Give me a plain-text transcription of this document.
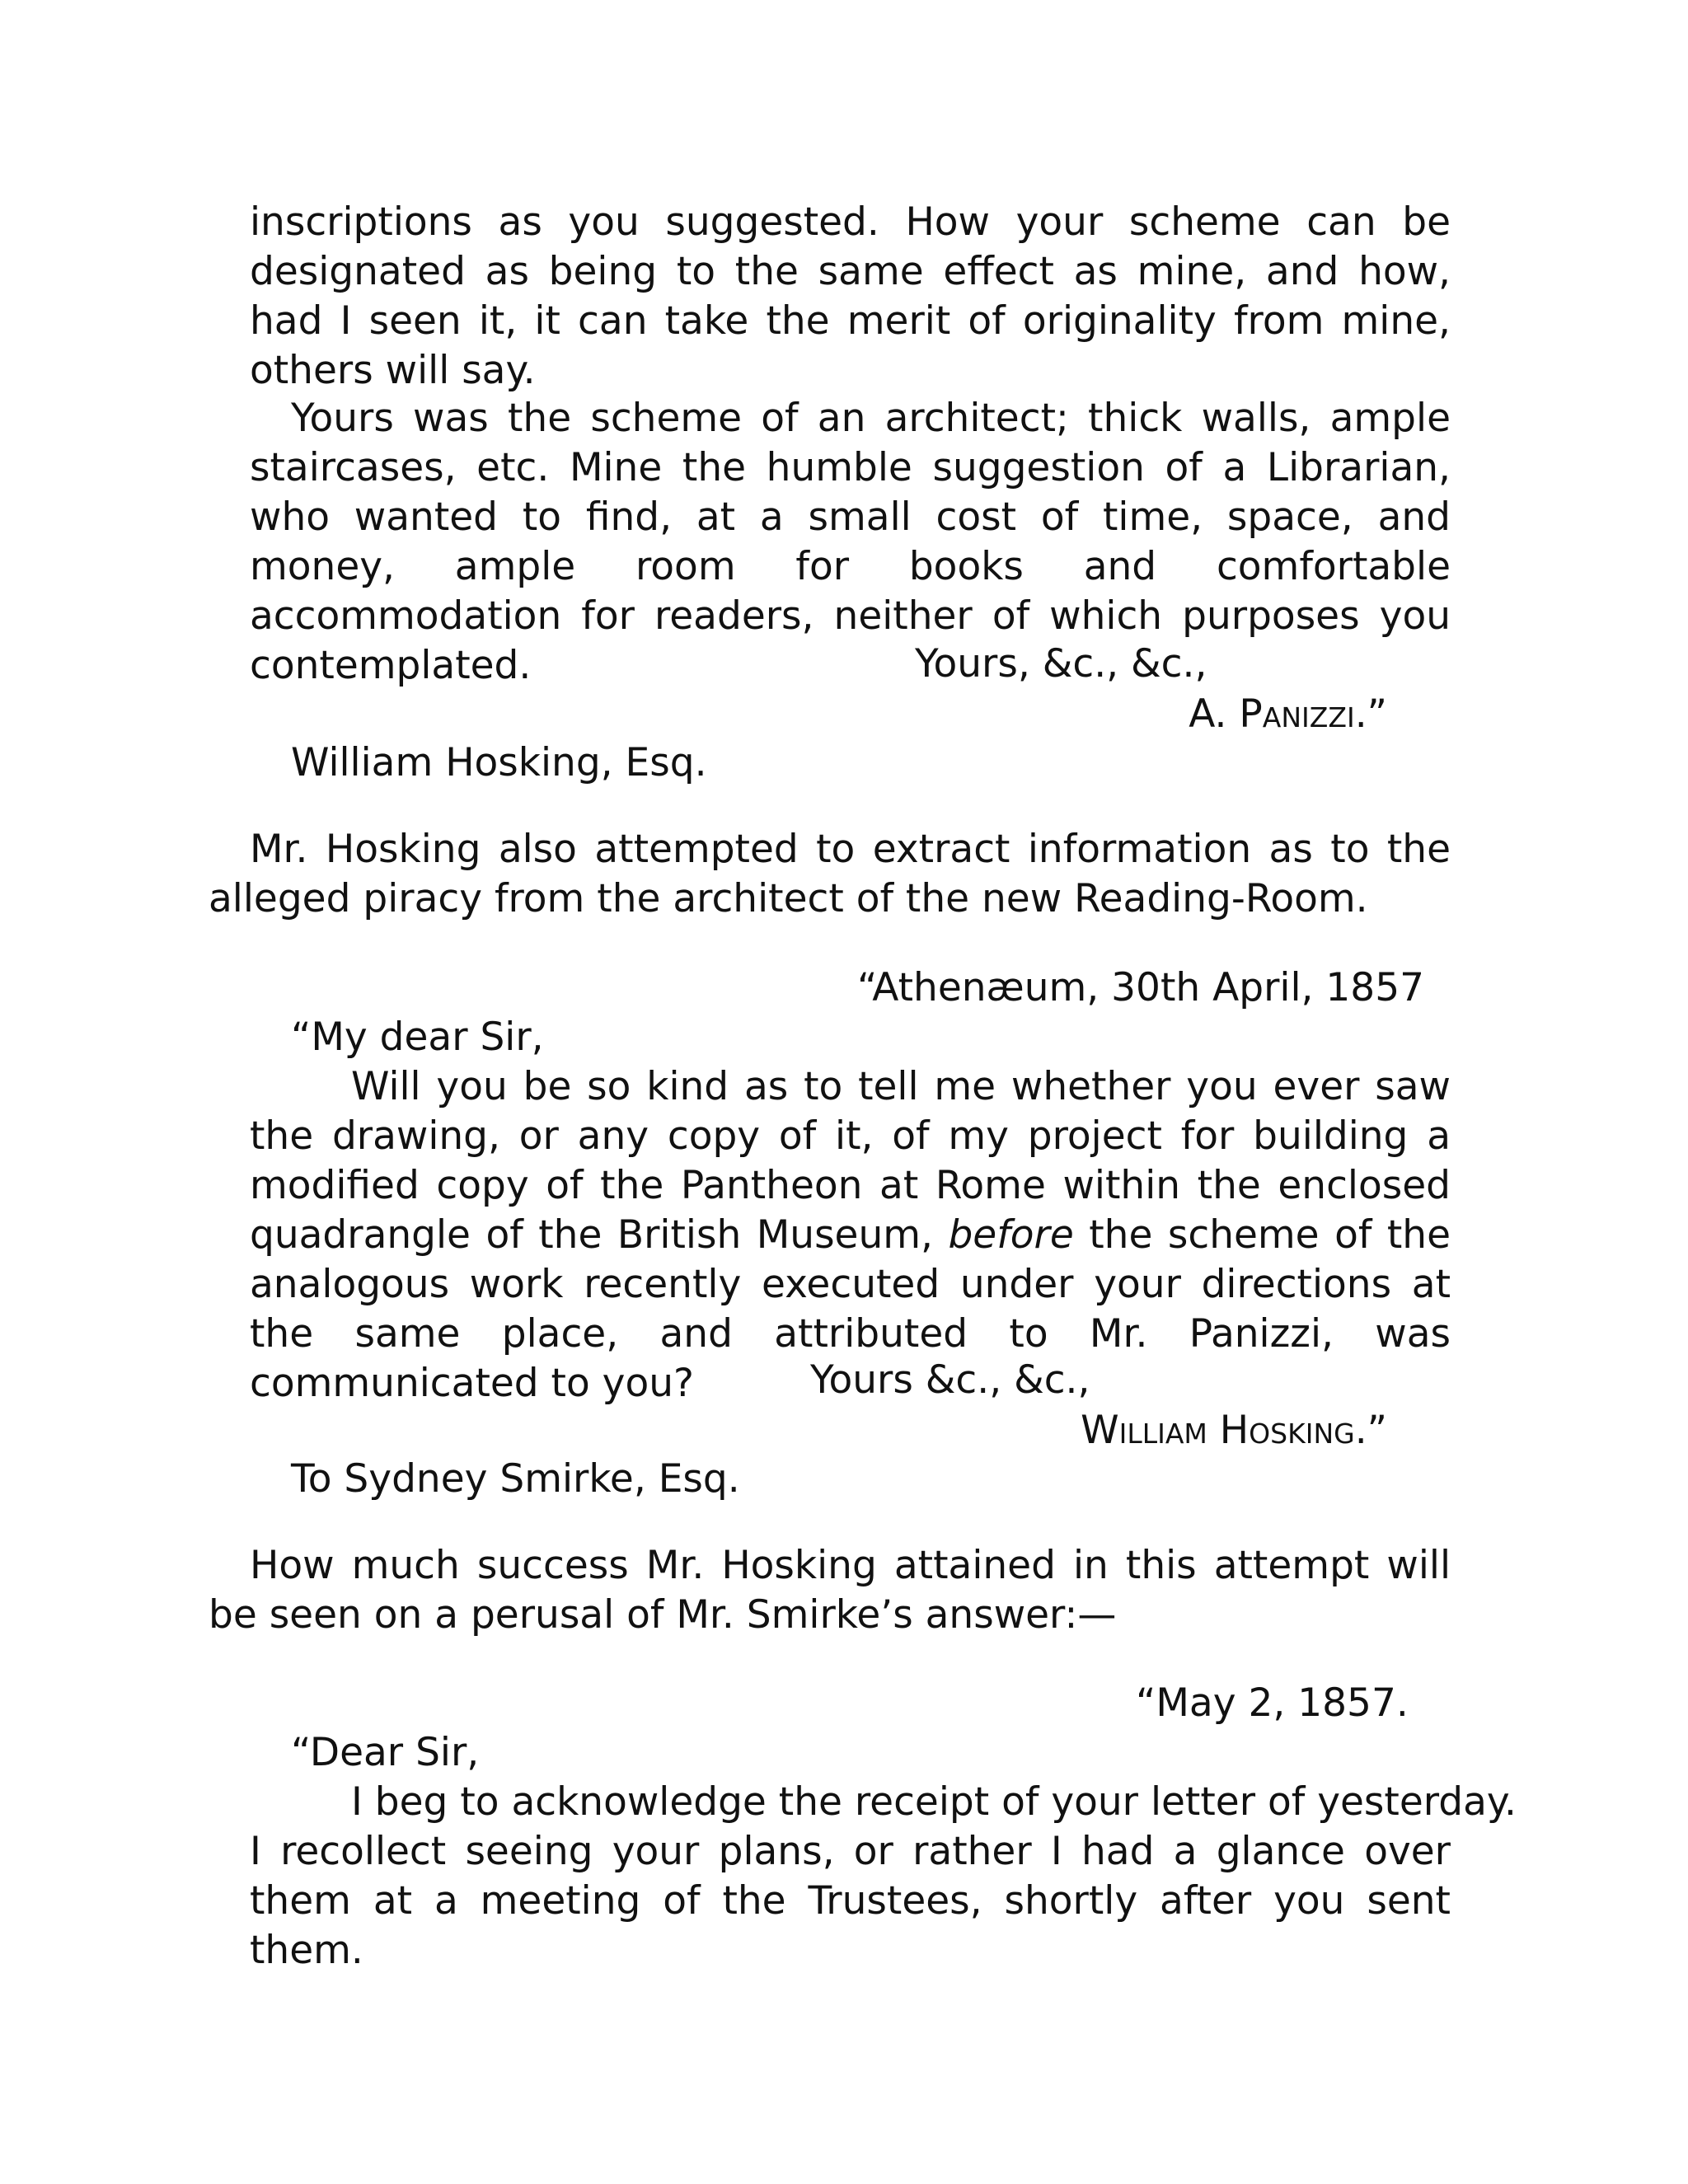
inscriptions as you suggested. How your scheme can be designated as being to the same effect as mine, and how, had I seen it, it can take the merit of originality from mine, others will say.

Yours was the scheme of an architect; thick walls, ample staircases, etc. Mine the humble suggestion of a Librarian, who wanted to find, at a small cost of time, space, and money, ample room for books and comfortable accommodation for readers, neither of which purposes you contemplated.	Yours, &c., &c.,

A. Panizzi.”

William Hosking, Esq.

Mr. Hosking also attempted to extract information as to the alleged piracy from the architect of the new Reading-Room.

“Athenæum, 30th April, 1857

“My dear Sir,

Will you be so kind as to tell me whether you ever saw the drawing, or any copy of it, of my project for building a modified copy of the Pantheon at Rome within the enclosed quadrangle of the British Museum, before the scheme of the analogous work recently executed under your directions at the same place, and attributed to Mr. Panizzi, was communicated to you?	Yours &c., &c.,

William Hosking.”

To Sydney Smirke, Esq.

How much success Mr. Hosking attained in this attempt will be seen on a perusal of Mr. Smirke’s answer:—

“May 2, 1857.

“Dear Sir,

I beg to acknowledge the receipt of your letter of yesterday.

I recollect seeing your plans, or rather I had a glance over them at a meeting of the Trustees, shortly after you sent them.
